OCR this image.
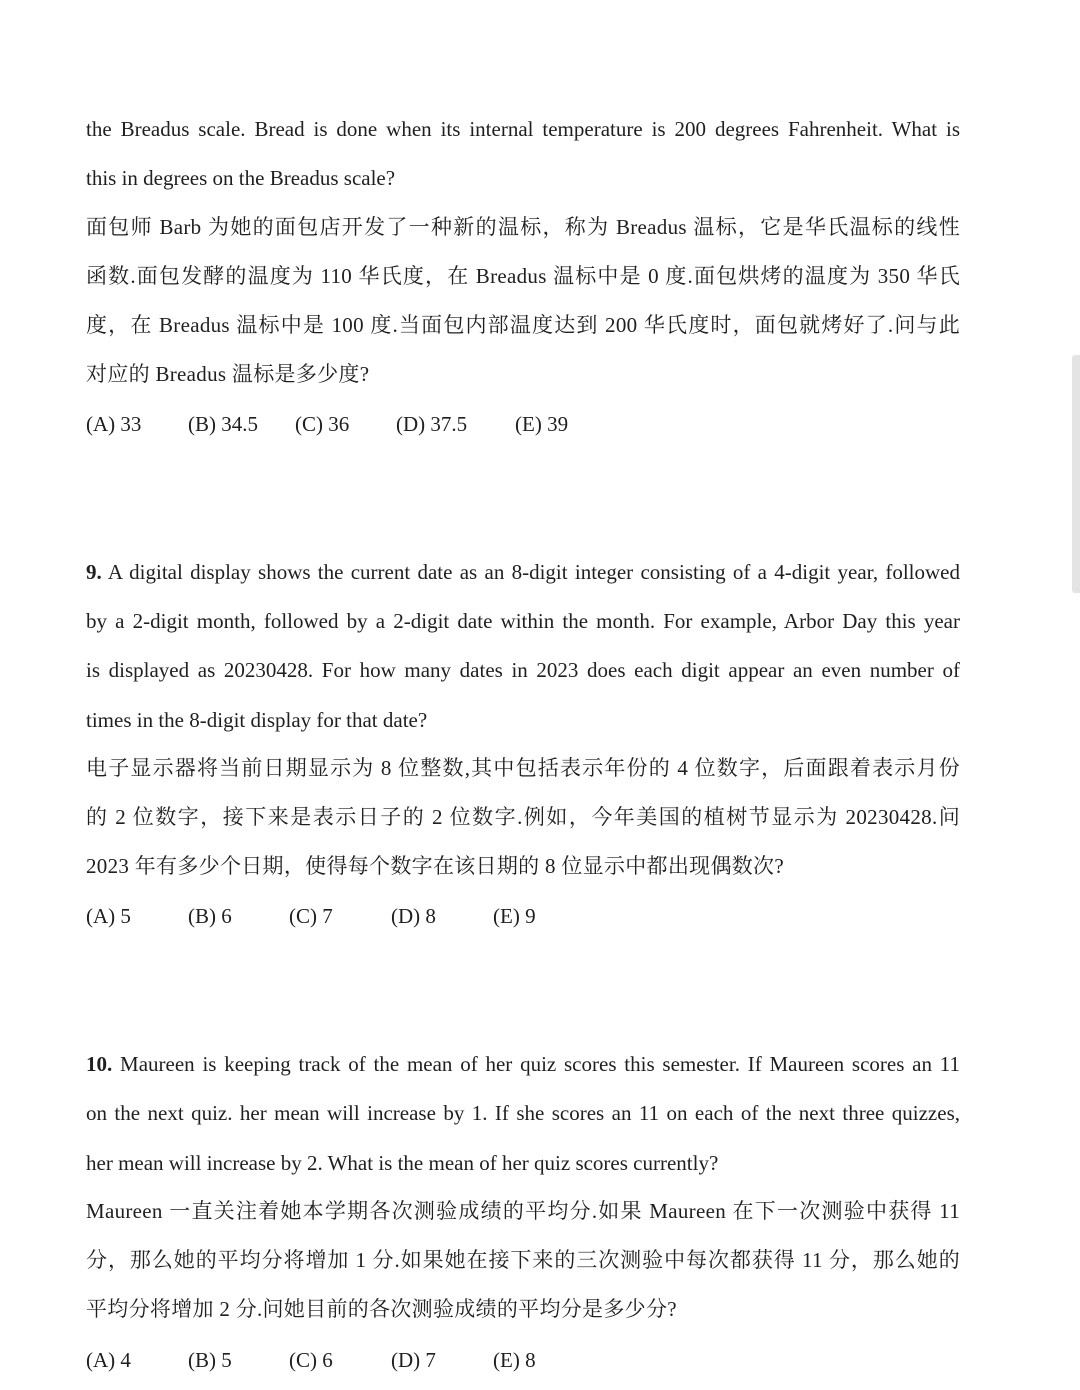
the Breadus scale. Bread is done when its internal temperature is 200 degrees Fahrenheit. What is

this in degrees on the Breadus scale?

面包师 Barb 为她的面包店开发了一种新的温标，称为 Breadus 温标，它是华氏温标的线性

函数.面包发酵的温度为 110 华氏度，在 Breadus 温标中是 0 度.面包烘烤的温度为 350 华氏

度，在 Breadus 温标中是 100 度.当面包内部温度达到 200 华氏度时，面包就烤好了.问与此

对应的 Breadus 温标是多少度?

(A) 33 (B) 34.5 (C) 36 (D) 37.5 (E) 39

9. A digital display shows the current date as an 8-digit integer consisting of a 4-digit year, followed

by a 2-digit month, followed by a 2-digit date within the month. For example, Arbor Day this year

is displayed as 20230428. For how many dates in 2023 does each digit appear an even number of

times in the 8-digit display for that date?

电子显示器将当前日期显示为 8 位整数,其中包括表示年份的 4 位数字，后面跟着表示月份

的 2 位数字，接下来是表示日子的 2 位数字.例如，今年美国的植树节显示为 20230428.问

2023 年有多少个日期，使得每个数字在该日期的 8 位显示中都出现偶数次?

(A) 5	(B) 6	(C) 7	(D) 8	(E) 9

10. Maureen is keeping track of the mean of her quiz scores this semester. If Maureen scores an 11

on the next quiz. her mean will increase by 1. If she scores an 11 on each of the next three quizzes,

her mean will increase by 2. What is the mean of her quiz scores currently?

Maureen 一直关注着她本学期各次测验成绩的平均分.如果 Maureen 在下一次测验中获得 11

分，那么她的平均分将增加 1 分.如果她在接下来的三次测验中每次都获得 11 分，那么她的

平均分将增加 2 分.问她目前的各次测验成绩的平均分是多少分?

(A) 4	(B) 5	(C) 6	(D) 7	(E) 8
